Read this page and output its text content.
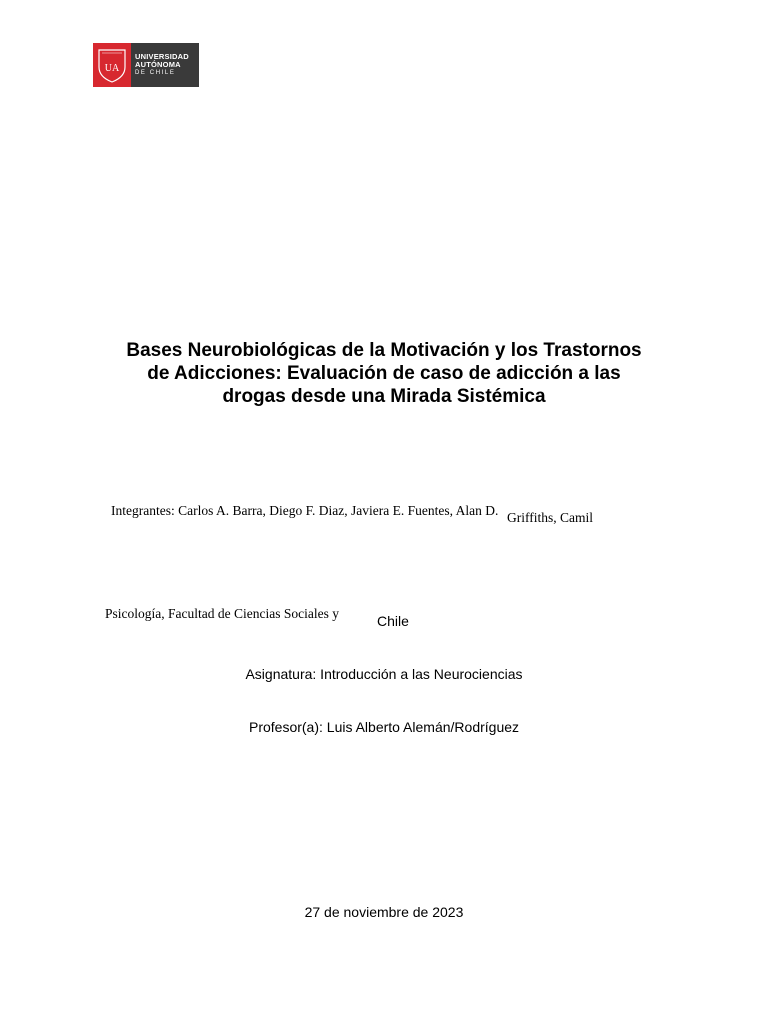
UA
UNIVERSIDAD
AUTÓNOMA
DE CHILE
Bases Neurobiológicas de la Motivación y los Trastornos
de Adicciones: Evaluación de caso de adicción a las
drogas desde una Mirada Sistémica
Integrantes: Carlos A. Barra, Diego F. Diaz, Javiera E. Fuentes, Alan D. Griffiths, Camil
Psicología, Facultad de Ciencias Sociales y	Chile
Asignatura: Introducción a las Neurociencias
Profesor(a): Luis Alberto Alemán/Rodríguez
27 de noviembre de 2023
